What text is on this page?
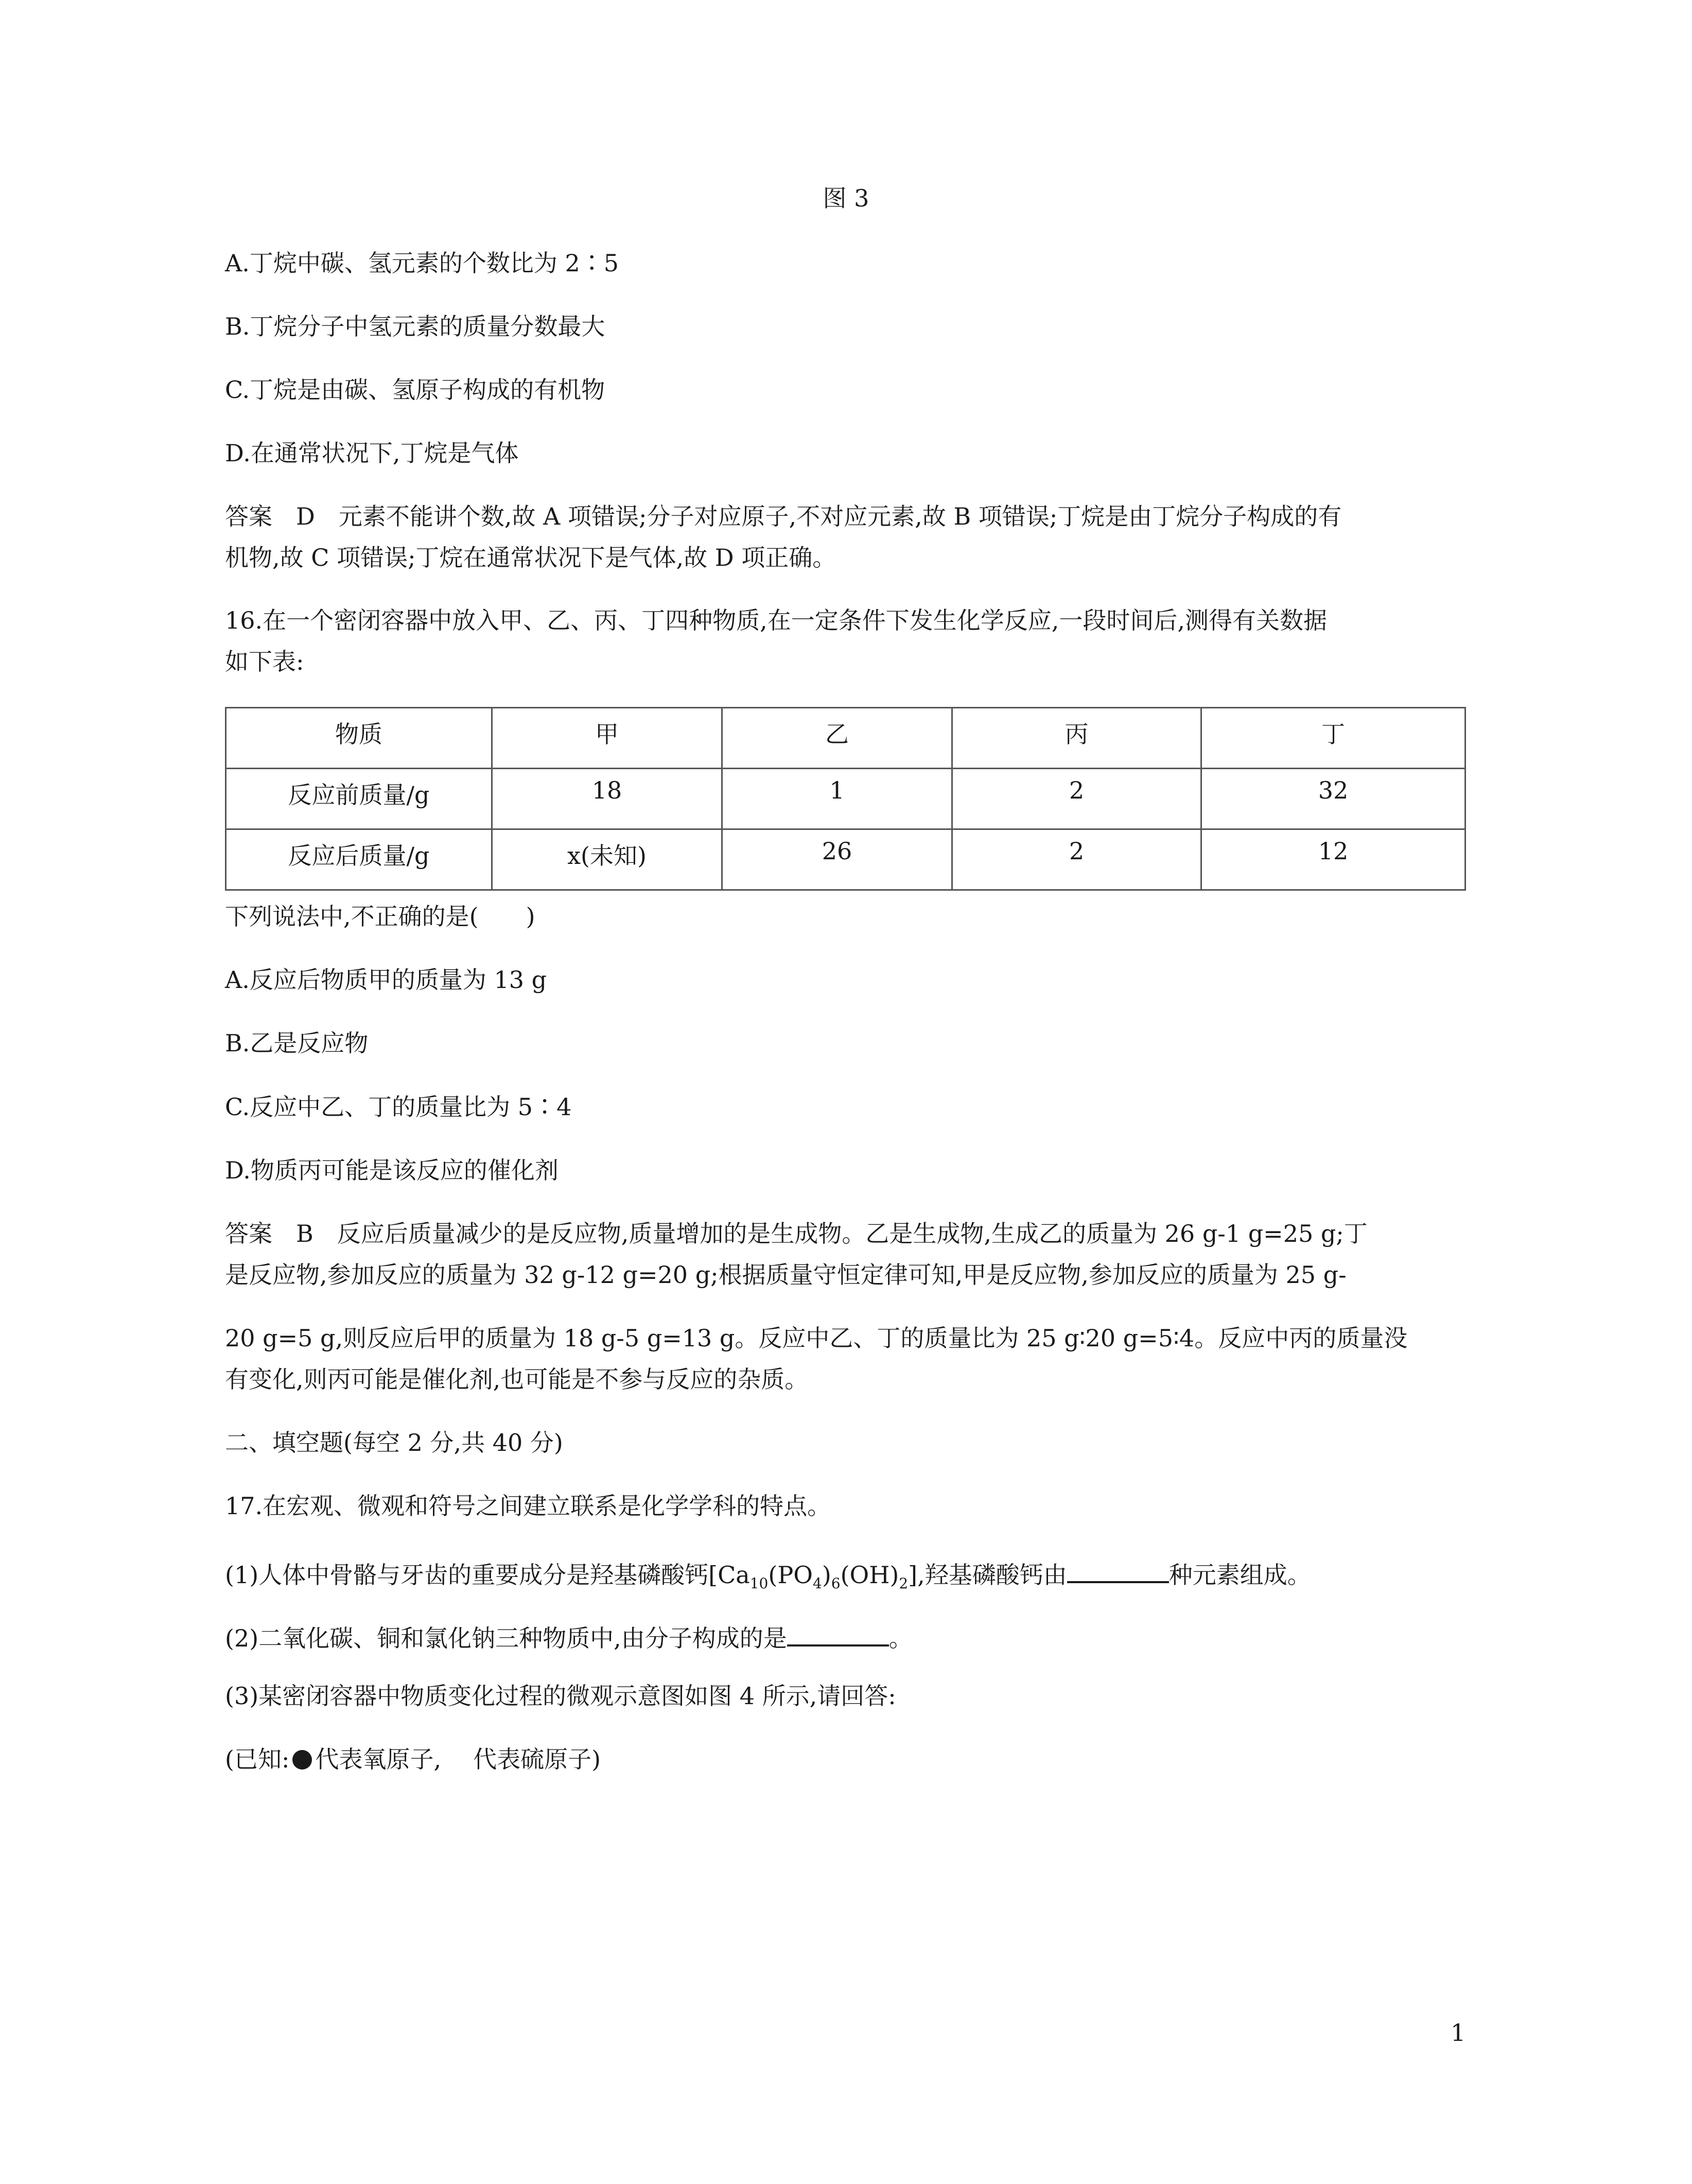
图 3
A.丁烷中碳、氢元素的个数比为 2∶5
B.丁烷分子中氢元素的质量分数最大
C.丁烷是由碳、氢原子构成的有机物
D.在通常状况下,丁烷是气体
答案　D　元素不能讲个数,故 A 项错误;分子对应原子,不对应元素,故 B 项错误;丁烷是由丁烷分子构成的有
机物,故 C 项错误;丁烷在通常状况下是气体,故 D 项正确。
16.在一个密闭容器中放入甲、乙、丙、丁四种物质,在一定条件下发生化学反应,一段时间后,测得有关数据
如下表:
物质	甲	乙	丙	丁
反应前质量/g	18	1	2	32
反应后质量/g	x(未知)	26	2	12
下列说法中,不正确的是(　　)
A.反应后物质甲的质量为 13 g
B.乙是反应物
C.反应中乙、丁的质量比为 5∶4
D.物质丙可能是该反应的催化剂
答案　B　反应后质量减少的是反应物,质量增加的是生成物。乙是生成物,生成乙的质量为 26 g-1 g=25 g;丁
是反应物,参加反应的质量为 32 g-12 g=20 g;根据质量守恒定律可知,甲是反应物,参加反应的质量为 25 g-
20 g=5 g,则反应后甲的质量为 18 g-5 g=13 g。反应中乙、丁的质量比为 25 g∶20 g=5∶4。反应中丙的质量没
有变化,则丙可能是催化剂,也可能是不参与反应的杂质。
二、填空题(每空 2 分,共 40 分)
17.在宏观、微观和符号之间建立联系是化学学科的特点。
(1)人体中骨骼与牙齿的重要成分是羟基磷酸钙$[Ca_{10}(PO_4)_6(OH)_2]$,羟基磷酸钙由	种元素组成。
(2)二氧化碳、铜和氯化钠三种物质中,由分子构成的是	。
(3)某密闭容器中物质变化过程的微观示意图如图 4 所示,请回答:
(已知: 代表氧原子, 代表硫原子)
1
